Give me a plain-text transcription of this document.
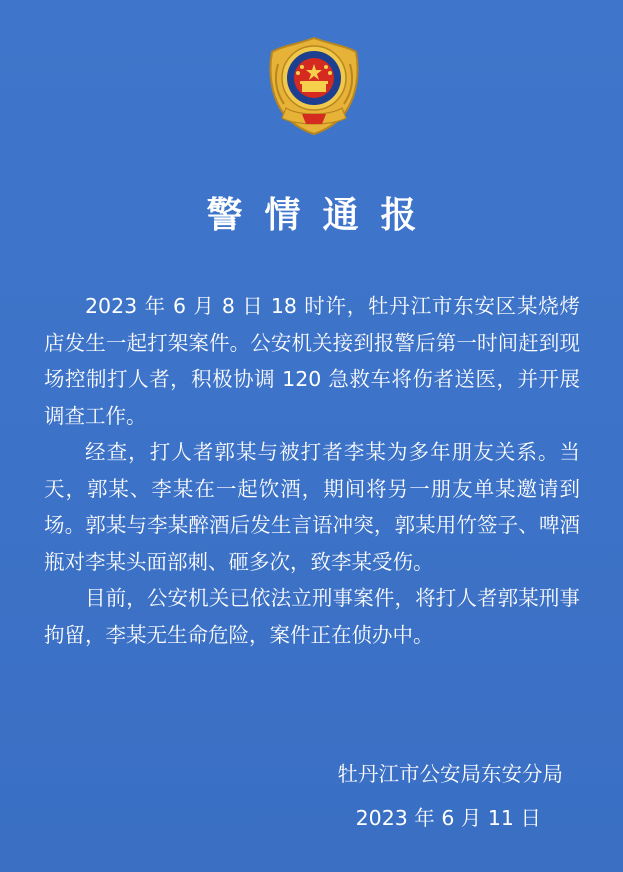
警情通报

2023 年 6 月 8 日 18 时许，牡丹江市东安区某烧烤店发生一起打架案件。公安机关接到报警后第一时间赶到现场控制打人者，积极协调 120 急救车将伤者送医，并开展调查工作。

经查，打人者郭某与被打者李某为多年朋友关系。当天，郭某、李某在一起饮酒，期间将另一朋友单某邀请到场。郭某与李某醉酒后发生言语冲突，郭某用竹签子、啤酒瓶对李某头面部刺、砸多次，致李某受伤。

目前，公安机关已依法立刑事案件，将打人者郭某刑事拘留，李某无生命危险，案件正在侦办中。

牡丹江市公安局东安分局
2023 年 6 月 11 日
